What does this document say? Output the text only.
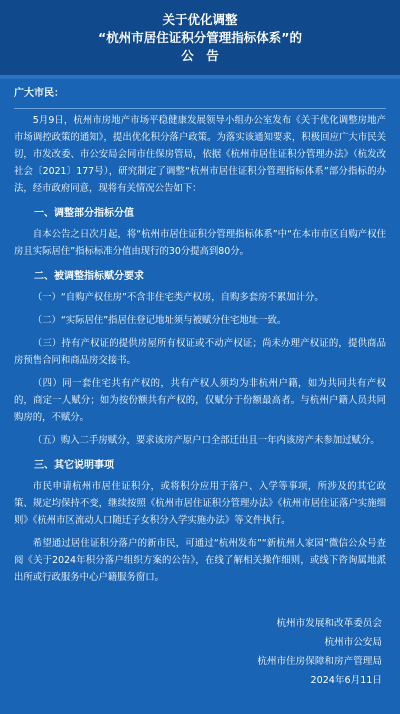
关于优化调整
“杭州市居住证积分管理指标体系”的
公　告
广大市民：

5月9日，杭州市房地产市场平稳健康发展领导小组办公室发布《关于优化调整房地产市场调控政策的通知》，提出优化积分落户政策。为落实该通知要求，积极回应广大市民关切，市发改委、市公安局会同市住保房管局，依据《杭州市居住证积分管理办法》（杭发改社会〔2021〕177号），研究制定了调整“杭州市居住证积分管理指标体系”部分指标的办法，经市政府同意，现将有关情况公告如下：

一、调整部分指标分值

自本公告之日次月起，将“杭州市居住证积分管理指标体系”中“在本市市区自购产权住房且实际居住”指标标准分值由现行的30分提高到80分。

二、被调整指标赋分要求

（一）“自购产权住房”不含非住宅类产权房，自购多套房不累加计分。

（二）“实际居住”指居住登记地址须与被赋分住宅地址一致。

（三）持有产权证的提供房屋所有权证或不动产权证；尚未办理产权证的，提供商品房预售合同和商品房交接书。

（四）同一套住宅共有产权的，共有产权人须均为非杭州户籍，如为共同共有产权的，商定一人赋分；如为按份额共有产权的，仅赋分于份额最高者。与杭州户籍人员共同购房的，不赋分。

（五）购入二手房赋分，要求该房产原户口全部迁出且一年内该房产未参加过赋分。

三、其它说明事项

市民申请杭州市居住证积分，或将积分应用于落户、入学等事项，所涉及的其它政策、规定均保持不变，继续按照《杭州市居住证积分管理办法》《杭州市居住证落户实施细则》《杭州市区流动人口随迁子女积分入学实施办法》等文件执行。

希望通过居住证积分落户的新市民，可通过“杭州发布”“新杭州人家园”微信公众号查阅《关于2024年积分落户组织方案的公告》，在线了解相关操作细则，或线下咨询属地派出所或行政服务中心户籍服务窗口。

杭州市发展和改革委员会
杭州市公安局
杭州市住房保障和房产管理局
2024年6月11日
